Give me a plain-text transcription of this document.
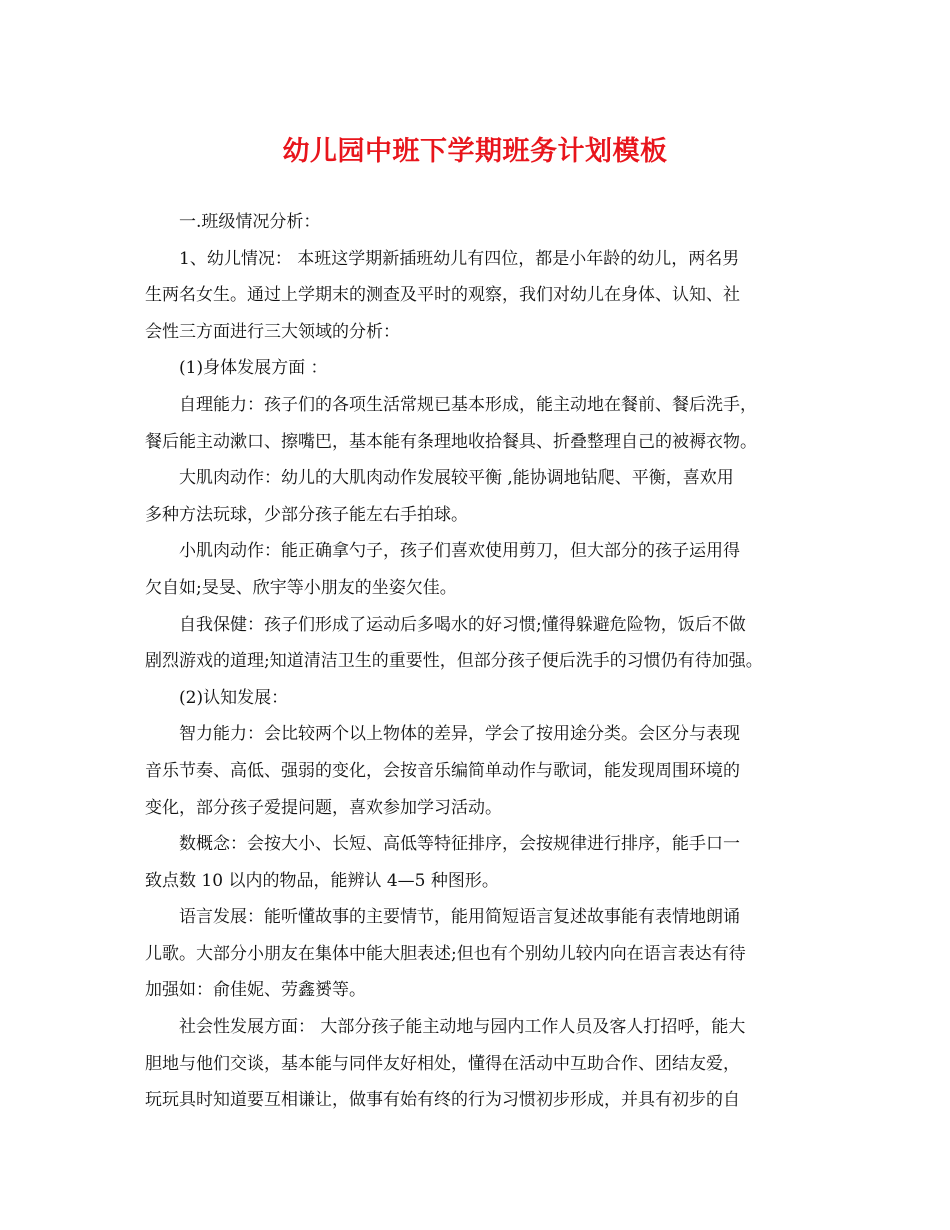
幼儿园中班下学期班务计划模板

一.班级情况分析：

1、幼儿情况： 本班这学期新插班幼儿有四位，都是小年龄的幼儿，两名男
生两名女生。通过上学期末的测查及平时的观察，我们对幼儿在身体、认知、社
会性三方面进行三大领域的分析：

(1)身体发展方面 ：

自理能力：孩子们的各项生活常规已基本形成，能主动地在餐前、餐后洗手，
餐后能主动漱口、擦嘴巴，基本能有条理地收拾餐具、折叠整理自己的被褥衣物。

大肌肉动作：幼儿的大肌肉动作发展较平衡 ,能协调地钻爬、平衡，喜欢用
多种方法玩球，少部分孩子能左右手拍球。

小肌肉动作：能正确拿勺子，孩子们喜欢使用剪刀，但大部分的孩子运用得
欠自如;旻旻、欣宇等小朋友的坐姿欠佳。

自我保健：孩子们形成了运动后多喝水的好习惯;懂得躲避危险物，饭后不做
剧烈游戏的道理;知道清洁卫生的重要性，但部分孩子便后洗手的习惯仍有待加强。

(2)认知发展：

智力能力：会比较两个以上物体的差异，学会了按用途分类。会区分与表现
音乐节奏、高低、强弱的变化，会按音乐编简单动作与歌词，能发现周围环境的
变化，部分孩子爱提问题，喜欢参加学习活动。

数概念：会按大小、长短、高低等特征排序，会按规律进行排序，能手口一
致点数 10 以内的物品，能辨认 4—5 种图形。

语言发展：能听懂故事的主要情节，能用简短语言复述故事能有表情地朗诵
儿歌。大部分小朋友在集体中能大胆表述;但也有个别幼儿较内向在语言表达有待
加强如：俞佳妮、劳鑫赟等。

社会性发展方面： 大部分孩子能主动地与园内工作人员及客人打招呼，能大
胆地与他们交谈，基本能与同伴友好相处，懂得在活动中互助合作、团结友爱，
玩玩具时知道要互相谦让，做事有始有终的行为习惯初步形成，并具有初步的自
